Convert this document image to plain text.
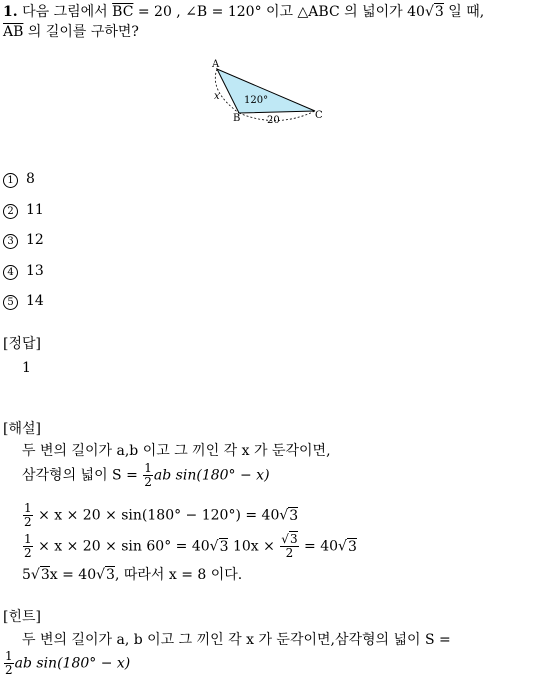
1. 다음 그림에서 $\overline{BC} = 20$ , ∠B = 120° 이고 △ABC 의 넓이가 40√3 일 때,
$\overline{AB}$ 의 길이를 구하면?
A
B	C
x 120°
20
1 8
2 11
3 12
4 13
5 14
[정답]
1
[해설]
두 변의 길이가 a,b 이고 그 끼인 각 x 가 둔각이면,
삼각형의 넓이 $S = \frac{1}{2}$ ab sin(180° − x)
$\frac{1}{2} \times x \times 20 \times \sin(180^\circ - 120^\circ) = 40√3$
$\frac{1}{2} \times x \times 20 \times \sin 60^\circ = 40√3$ $10x \times \frac{√3}{2} = 40√3$
5√3x = 40√3, 따라서 x = 8 이다.
[힌트]
두 변의 길이가 a, b 이고 그 끼인 각 x 가 둔각이면,삼각형의 넓이 S =
$\frac{1}{2}$ ab sin(180° − x)
